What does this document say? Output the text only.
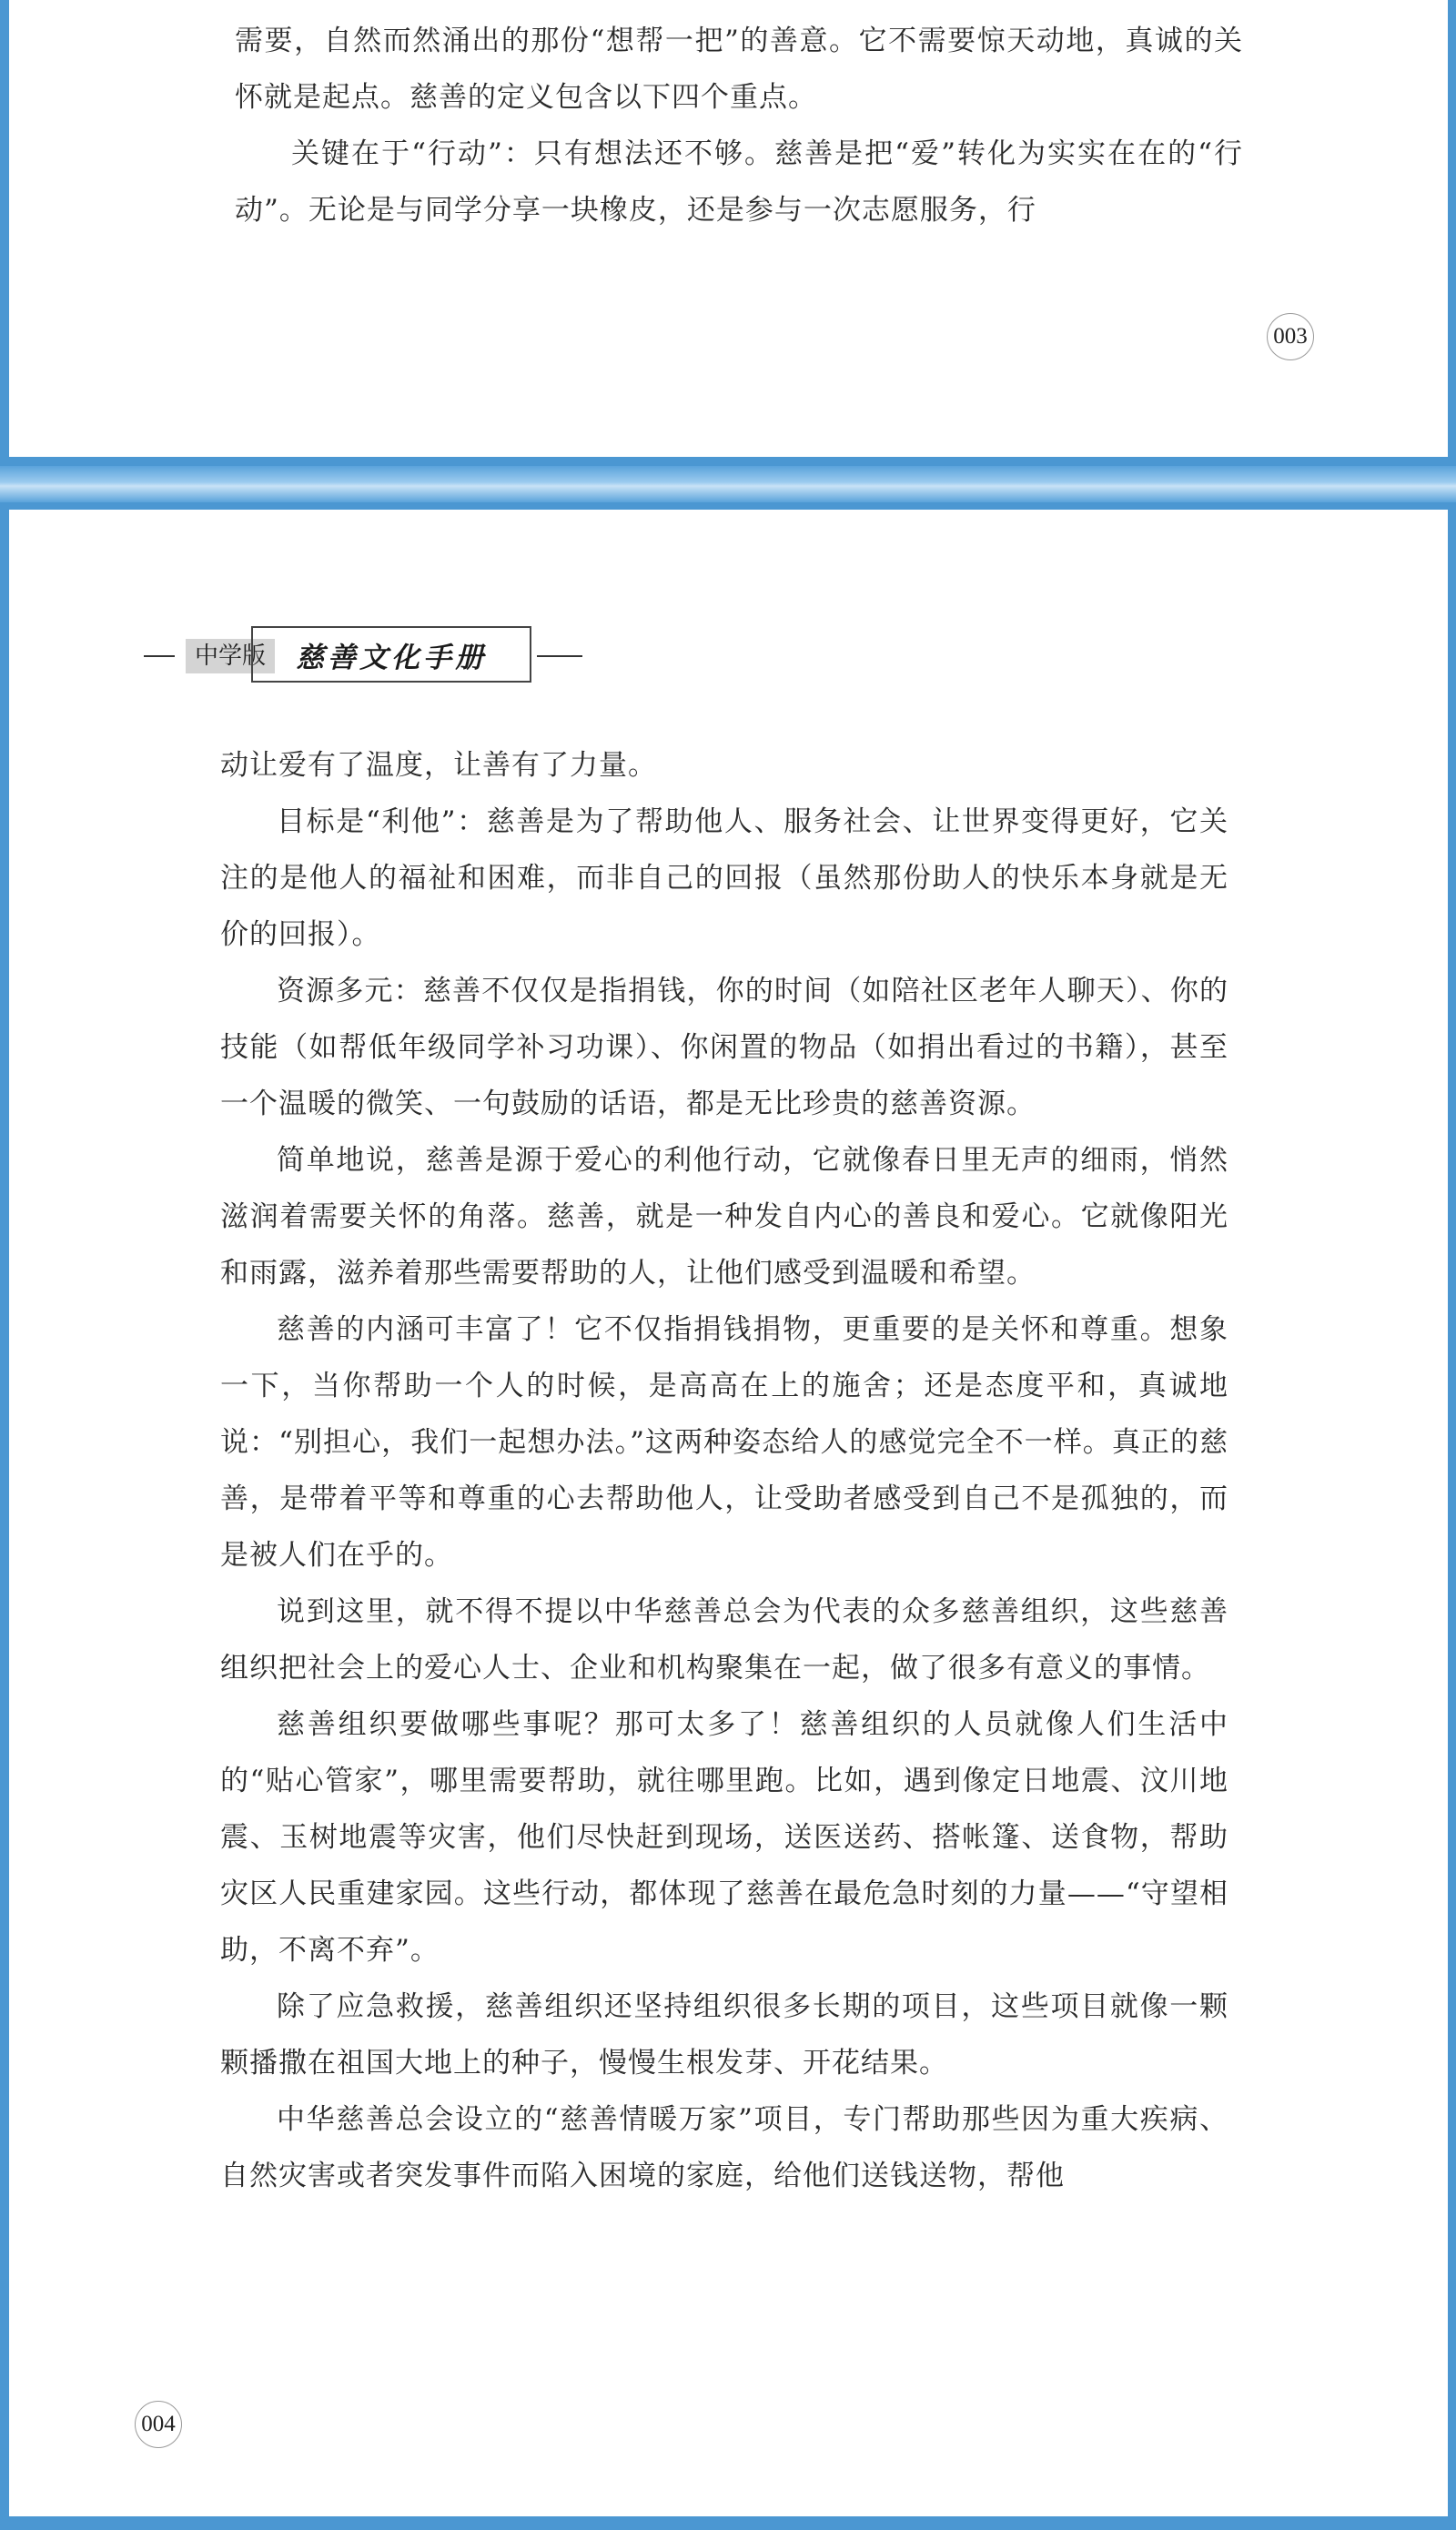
需要，自然而然涌出的那份“想帮一把”的善意。它不需要惊天动地，真诚的关怀就是起点。慈善的定义包含以下四个重点。

关键在于“行动”：只有想法还不够。慈善是把“爱”转化为实实在在的“行动”。无论是与同学分享一块橡皮，还是参与一次志愿服务，行

003
中学版	慈善文化手册

动让爱有了温度，让善有了力量。

目标是“利他”：慈善是为了帮助他人、服务社会、让世界变得更好，它关注的是他人的福祉和困难，而非自己的回报（虽然那份助人的快乐本身就是无价的回报）。

资源多元：慈善不仅仅是指捐钱，你的时间（如陪社区老年人聊天）、你的技能（如帮低年级同学补习功课）、你闲置的物品（如捐出看过的书籍），甚至一个温暖的微笑、一句鼓励的话语，都是无比珍贵的慈善资源。

简单地说，慈善是源于爱心的利他行动，它就像春日里无声的细雨，悄然滋润着需要关怀的角落。慈善，就是一种发自内心的善良和爱心。它就像阳光和雨露，滋养着那些需要帮助的人，让他们感受到温暖和希望。

慈善的内涵可丰富了！它不仅指捐钱捐物，更重要的是关怀和尊重。想象一下，当你帮助一个人的时候，是高高在上的施舍；还是态度平和，真诚地说：“别担心，我们一起想办法。”这两种姿态给人的感觉完全不一样。真正的慈善，是带着平等和尊重的心去帮助他人，让受助者感受到自己不是孤独的，而是被人们在乎的。

说到这里，就不得不提以中华慈善总会为代表的众多慈善组织，这些慈善组织把社会上的爱心人士、企业和机构聚集在一起，做了很多有意义的事情。

慈善组织要做哪些事呢？那可太多了！慈善组织的人员就像人们生活中的“贴心管家”，哪里需要帮助，就往哪里跑。比如，遇到像定日地震、汶川地震、玉树地震等灾害，他们尽快赶到现场，送医送药、搭帐篷、送食物，帮助灾区人民重建家园。这些行动，都体现了慈善在最危急时刻的力量——“守望相助，不离不弃”。

除了应急救援，慈善组织还坚持组织很多长期的项目，这些项目就像一颗颗播撒在祖国大地上的种子，慢慢生根发芽、开花结果。

中华慈善总会设立的“慈善情暖万家”项目，专门帮助那些因为重大疾病、自然灾害或者突发事件而陷入困境的家庭，给他们送钱送物，帮他

004
